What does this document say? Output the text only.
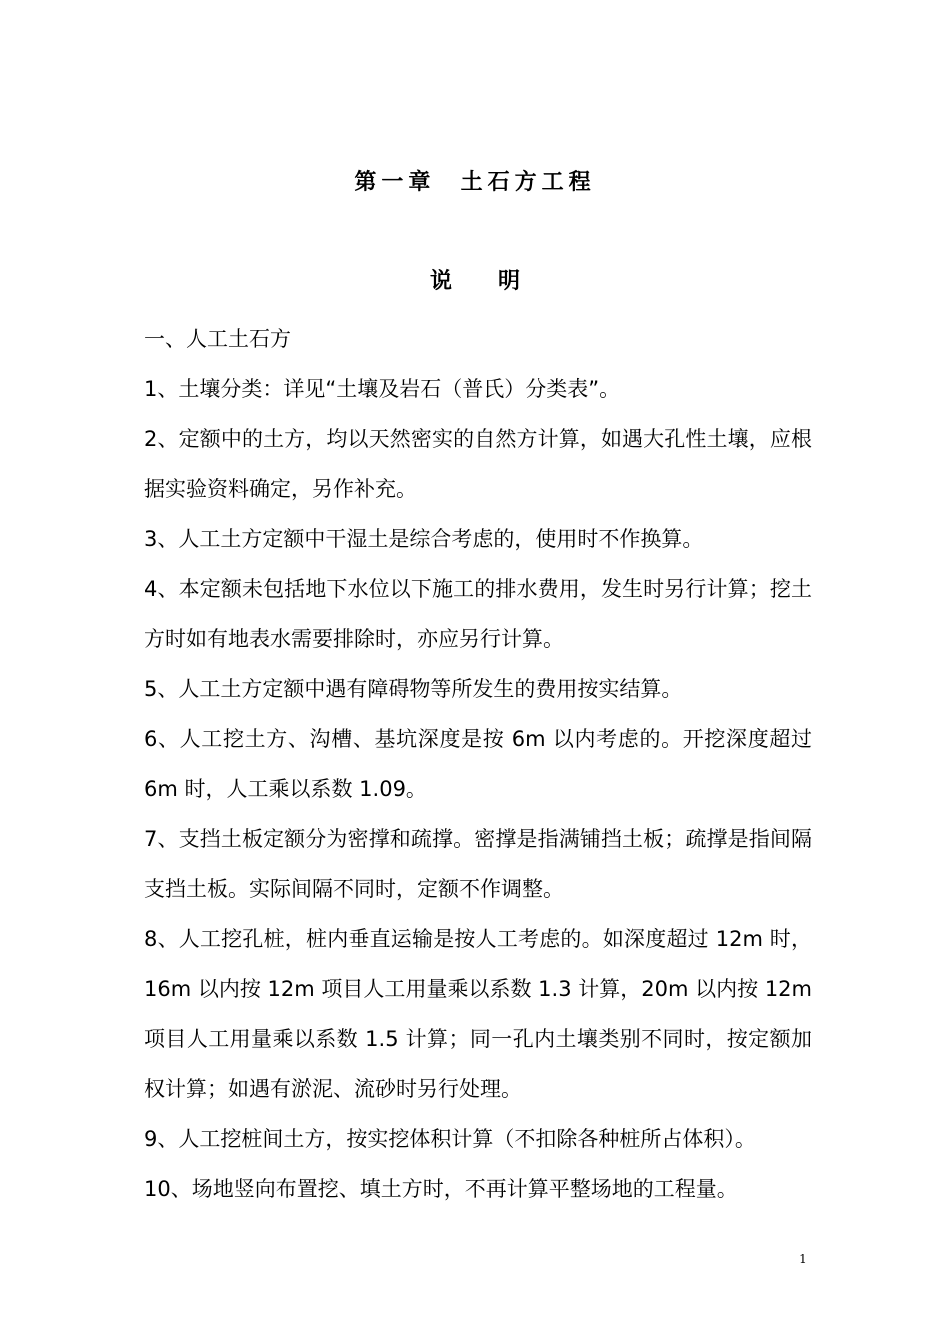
第一章  土石方工程
说      明

一、人工土石方

1、土壤分类：详见“土壤及岩石（普氏）分类表”。

2、定额中的土方，均以天然密实的自然方计算，如遇大孔性土壤，应根据实验资料确定，另作补充。

3、人工土方定额中干湿土是综合考虑的，使用时不作换算。

4、本定额未包括地下水位以下施工的排水费用，发生时另行计算；挖土方时如有地表水需要排除时，亦应另行计算。

5、人工土方定额中遇有障碍物等所发生的费用按实结算。

6、人工挖土方、沟槽、基坑深度是按 6m 以内考虑的。开挖深度超过 6m 时，人工乘以系数 1.09。

7、支挡土板定额分为密撑和疏撑。密撑是指满铺挡土板；疏撑是指间隔支挡土板。实际间隔不同时，定额不作调整。

8、人工挖孔桩，桩内垂直运输是按人工考虑的。如深度超过 12m 时，16m 以内按 12m 项目人工用量乘以系数 1.3 计算，20m 以内按 12m 项目人工用量乘以系数 1.5 计算；同一孔内土壤类别不同时，按定额加权计算；如遇有淤泥、流砂时另行处理。

9、人工挖桩间土方，按实挖体积计算（不扣除各种桩所占体积）。

10、场地竖向布置挖、填土方时，不再计算平整场地的工程量。

1
